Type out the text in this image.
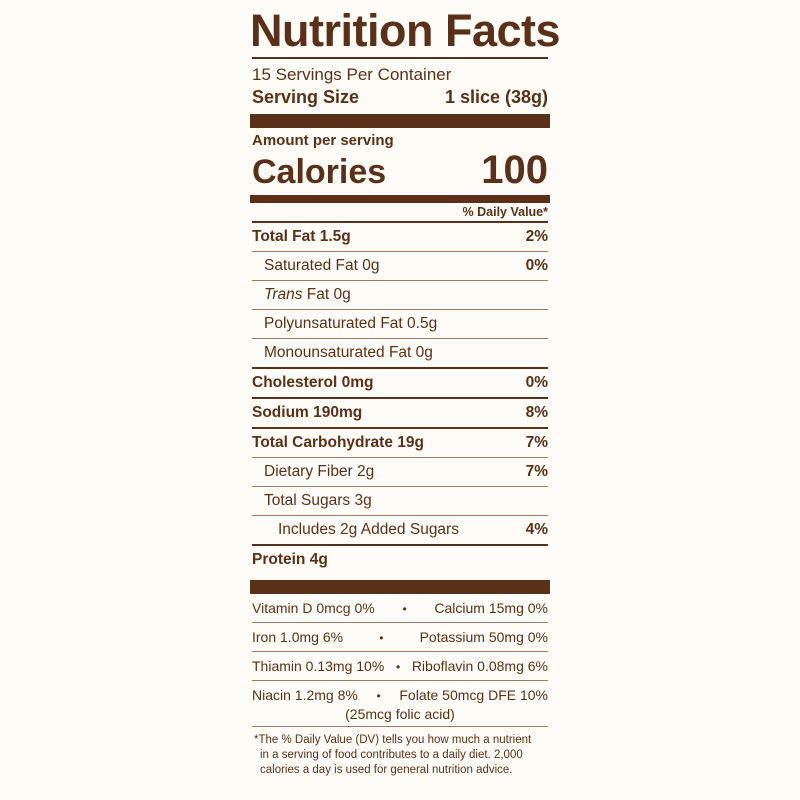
Nutrition Facts
15 Servings Per Container
Serving Size	1 slice (38g)
Amount per serving
Calories 100
% Daily Value*
Total Fat 1.5g	2%
Saturated Fat 0g	0%
Trans Fat 0g
Polyunsaturated Fat 0.5g
Monounsaturated Fat 0g
Cholesterol 0mg	0%
Sodium 190mg	8%
Total Carbohydrate 19g	7%
Dietary Fiber 2g	7%
Total Sugars 3g
Includes 2g Added Sugars	4%
Protein 4g
Vitamin D 0mcg 0%	•	Calcium 15mg 0%
Iron 1.0mg 6%	•	Potassium 50mg 0%
Thiamin 0.13mg 10% • Riboflavin 0.08mg 6%
Niacin 1.2mg 8%	•	Folate 50mcg DFE 10%
(25mcg folic acid)
*The % Daily Value (DV) tells you how much a nutrient
in a serving of food contributes to a daily diet. 2,000
calories a day is used for general nutrition advice.
